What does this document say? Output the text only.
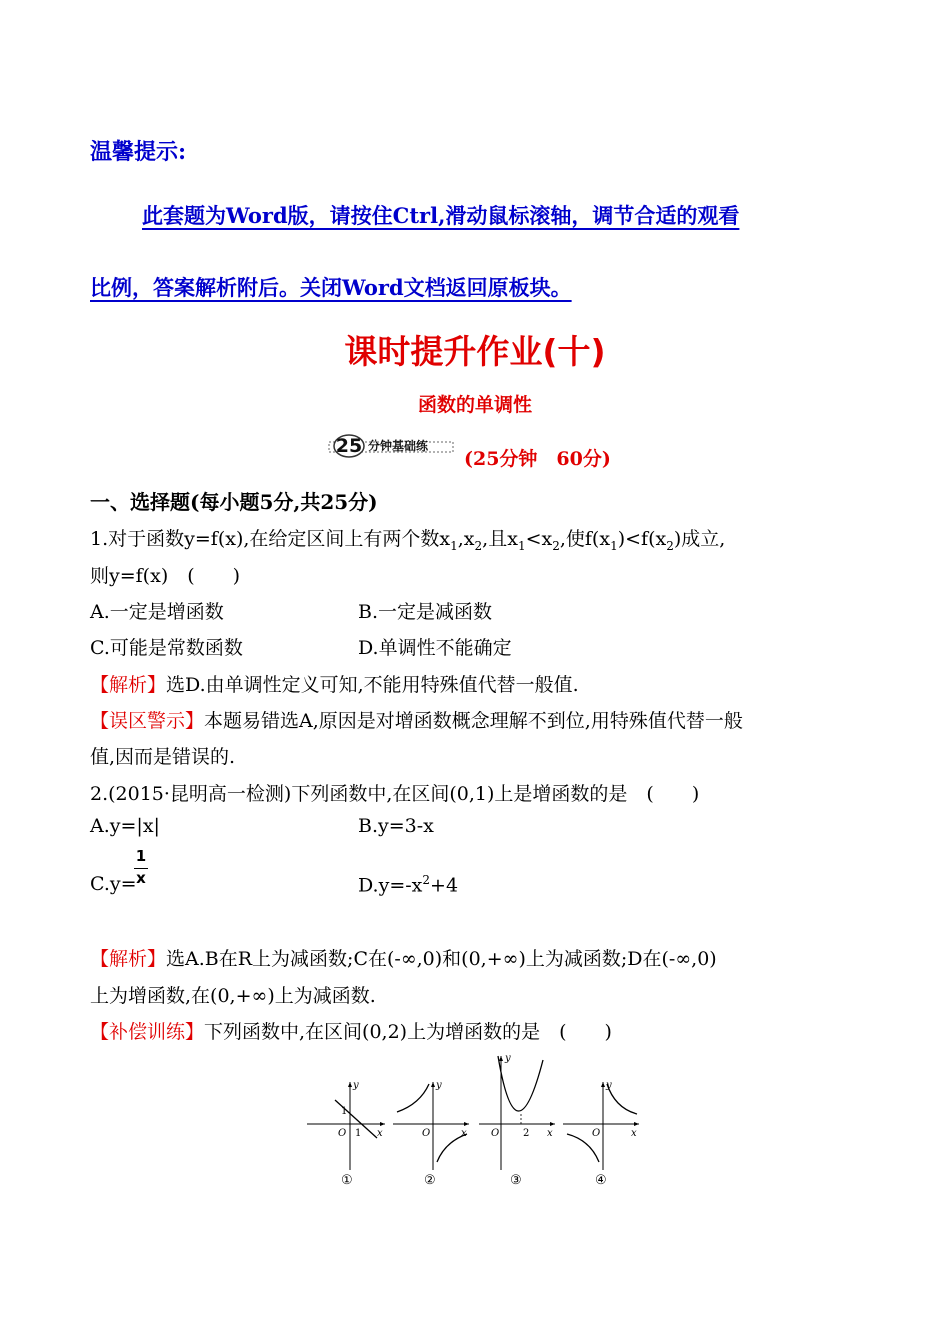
温馨提示:
此套题为Word版，请按住Ctrl,滑动鼠标滚轴，调节合适的观看
比例，答案解析附后。关闭Word文档返回原板块。
课时提升作业(十)
函数的单调性
25 分钟基础练
(25分钟　60分)
一、选择题(每小题5分,共25分)
1.对于函数y=f(x),在给定区间上有两个数$x_1,x_2$,且$x_1<x_2$,使$f(x_1)<f(x_2)$成立,
则y=f(x)　(　　)
A.一定是增函数	B.一定是减函数
C.可能是常数函数	D.单调性不能确定
【解析】选D.由单调性定义可知,不能用特殊值代替一般值.
【误区警示】本题易错选A,原因是对增函数概念理解不到位,用特殊值代替一般
值,因而是错误的.
2.(2015·昆明高一检测)下列函数中,在区间(0,1)上是增函数的是　(　　)
A.y=|x|	B.y=3-x
C.y=
$\frac{1}{x}$	$D.y=-x^2+4$
【解析】选A.B在R上为减函数;C在(-∞,0)和(0,+∞)上为减函数;D在(-∞,0)
上为增函数,在(0,+∞)上为减函数.
【补偿训练】下列函数中,在区间(0,2)上为增函数的是　(　　)
y
x
O
1
1
①
y
x
O
②
y
x
O 2
③
y
x
O
④
